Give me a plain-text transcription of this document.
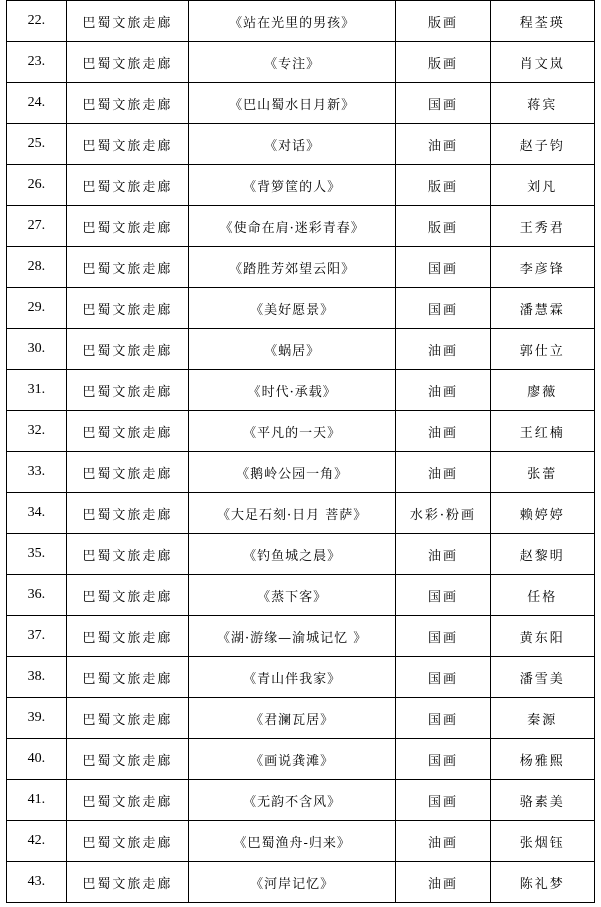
22.	巴蜀文旅走廊	《站在光里的男孩》	版画	程荃瑛
23.	巴蜀文旅走廊	《专注》	版画	肖文岚
24.	巴蜀文旅走廊	《巴山蜀水日月新》	国画	蒋宾
25.	巴蜀文旅走廊	《对话》	油画	赵子钧
26.	巴蜀文旅走廊	《背箩筐的人》	版画	刘凡
27.	巴蜀文旅走廊	《使命在肩·迷彩青春》	版画	王秀君
28.	巴蜀文旅走廊	《踏胜芳郊望云阳》	国画	李彦锋
29.	巴蜀文旅走廊	《美好愿景》	国画	潘慧霖
30.	巴蜀文旅走廊	《蜗居》	油画	郭仕立
31.	巴蜀文旅走廊	《时代·承载》	油画	廖薇
32.	巴蜀文旅走廊	《平凡的一天》	油画	王红楠
33.	巴蜀文旅走廊	《鹅岭公园一角》	油画	张蕾
34.	巴蜀文旅走廊	《大足石刻·日月 菩萨》	水彩·粉画	赖婷婷
35.	巴蜀文旅走廊	《钓鱼城之晨》	油画	赵黎明
36.	巴蜀文旅走廊	《蒸下客》	国画	任格
37.	巴蜀文旅走廊	《湖·游缘—渝城记忆 》	国画	黄东阳
38.	巴蜀文旅走廊	《青山伴我家》	国画	潘雪美
39.	巴蜀文旅走廊	《君澜瓦居》	国画	秦源
40.	巴蜀文旅走廊	《画说龚滩》	国画	杨雅熙
41.	巴蜀文旅走廊	《无韵不含风》	国画	骆素美
42.	巴蜀文旅走廊	《巴蜀渔舟-归来》	油画	张烟钰
43.	巴蜀文旅走廊	《河岸记忆》	油画	陈礼梦
